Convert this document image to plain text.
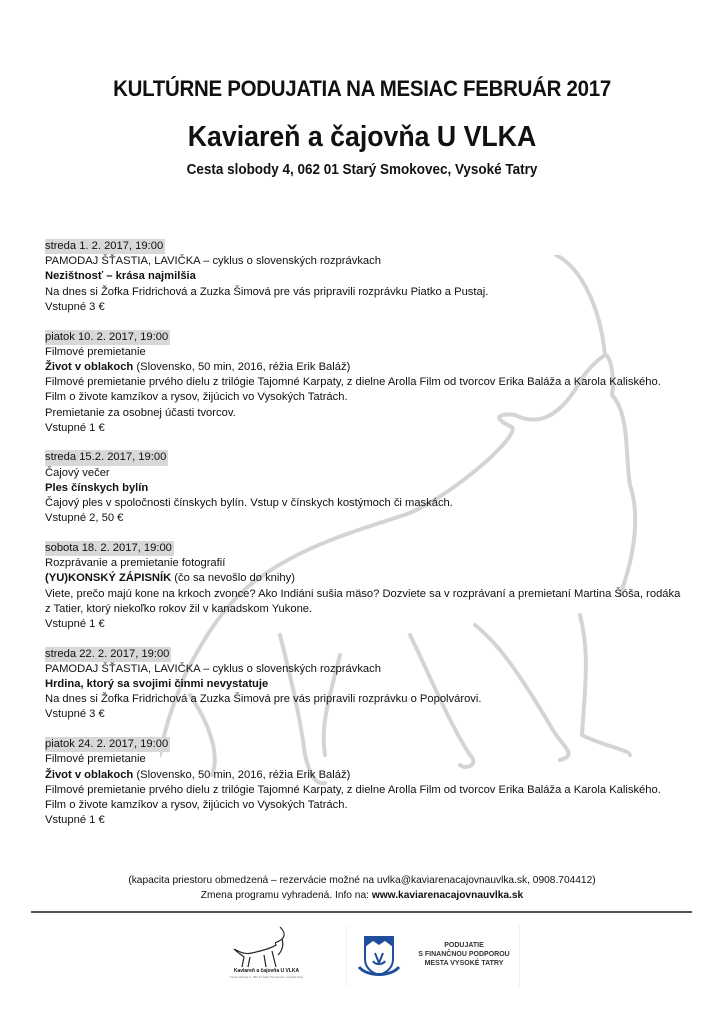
KULTÚRNE PODUJATIA NA MESIAC FEBRUÁR 2017
Kaviareň a čajovňa U VLKA
Cesta slobody 4, 062 01 Starý Smokovec, Vysoké Tatry
streda 1. 2. 2017, 19:00
PAMODAJ ŠŤASTIA, LAVIČKA – cyklus o slovenských rozprávkach
Nezištnosť – krása najmilšia
Na dnes si Žofka Fridrichová a Zuzka Šimová pre vás pripravili rozprávku Piatko a Pustaj.
Vstupné 3 €
piatok 10. 2. 2017, 19:00
Filmové premietanie
Život v oblakoch (Slovensko, 50 min, 2016, réžia Erik Baláž)
Filmové premietanie prvého dielu z trilógie Tajomné Karpaty, z dielne Arolla Film od tvorcov Erika Baláža a Karola Kaliského.
Film o živote kamzíkov a rysov, žijúcich vo Vysokých Tatrách.
Premietanie za osobnej účasti tvorcov.
Vstupné 1 €
streda 15.2. 2017, 19:00
Čajový večer
Ples čínskych bylín
Čajový ples v spoločnosti čínskych bylín. Vstup v čínskych kostýmoch či maskách.
Vstupné 2, 50 €
sobota 18. 2. 2017, 19:00
Rozprávanie a premietanie fotografií
(YU)KONSKÝ ZÁPISNÍK (čo sa nevošlo do knihy)
Viete, prečo majú kone na krkoch zvonce? Ako Indiáni sušia mäso? Dozviete sa v rozprávaní a premietaní Martina Šóša, rodáka
z Tatier, ktorý niekoľko rokov žil v kanadskom Yukone.
Vstupné 1 €
streda 22. 2. 2017, 19:00
PAMODAJ ŠŤASTIA, LAVIČKA – cyklus o slovenských rozprávkach
Hrdina, ktorý sa svojimi činmi nevystatuje
Na dnes si Žofka Fridrichová a Zuzka Šimová pre vás pripravili rozprávku o Popolvárovi.
Vstupné 3 €
piatok 24. 2. 2017, 19:00
Filmové premietanie
Život v oblakoch (Slovensko, 50 min, 2016, réžia Erik Baláž)
Filmové premietanie prvého dielu z trilógie Tajomné Karpaty, z dielne Arolla Film od tvorcov Erika Baláža a Karola Kaliského.
Film o živote kamzíkov a rysov, žijúcich vo Vysokých Tatrách.
Vstupné 1 €
(kapacita priestoru obmedzená – rezervácie možné na uvlka@kaviarenacajovnauvlka.sk, 0908.704412)
Zmena programu vyhradená. Info na: www.kaviarenacajovnauvlka.sk
Kaviareň a čajovňa U VLKA
Cesta slobody 4, 062 01 Starý Smokovec, Vysoké Tatry
PODUJATIE
S FINANČNOU PODPOROU
MESTA VYSOKÉ TATRY
